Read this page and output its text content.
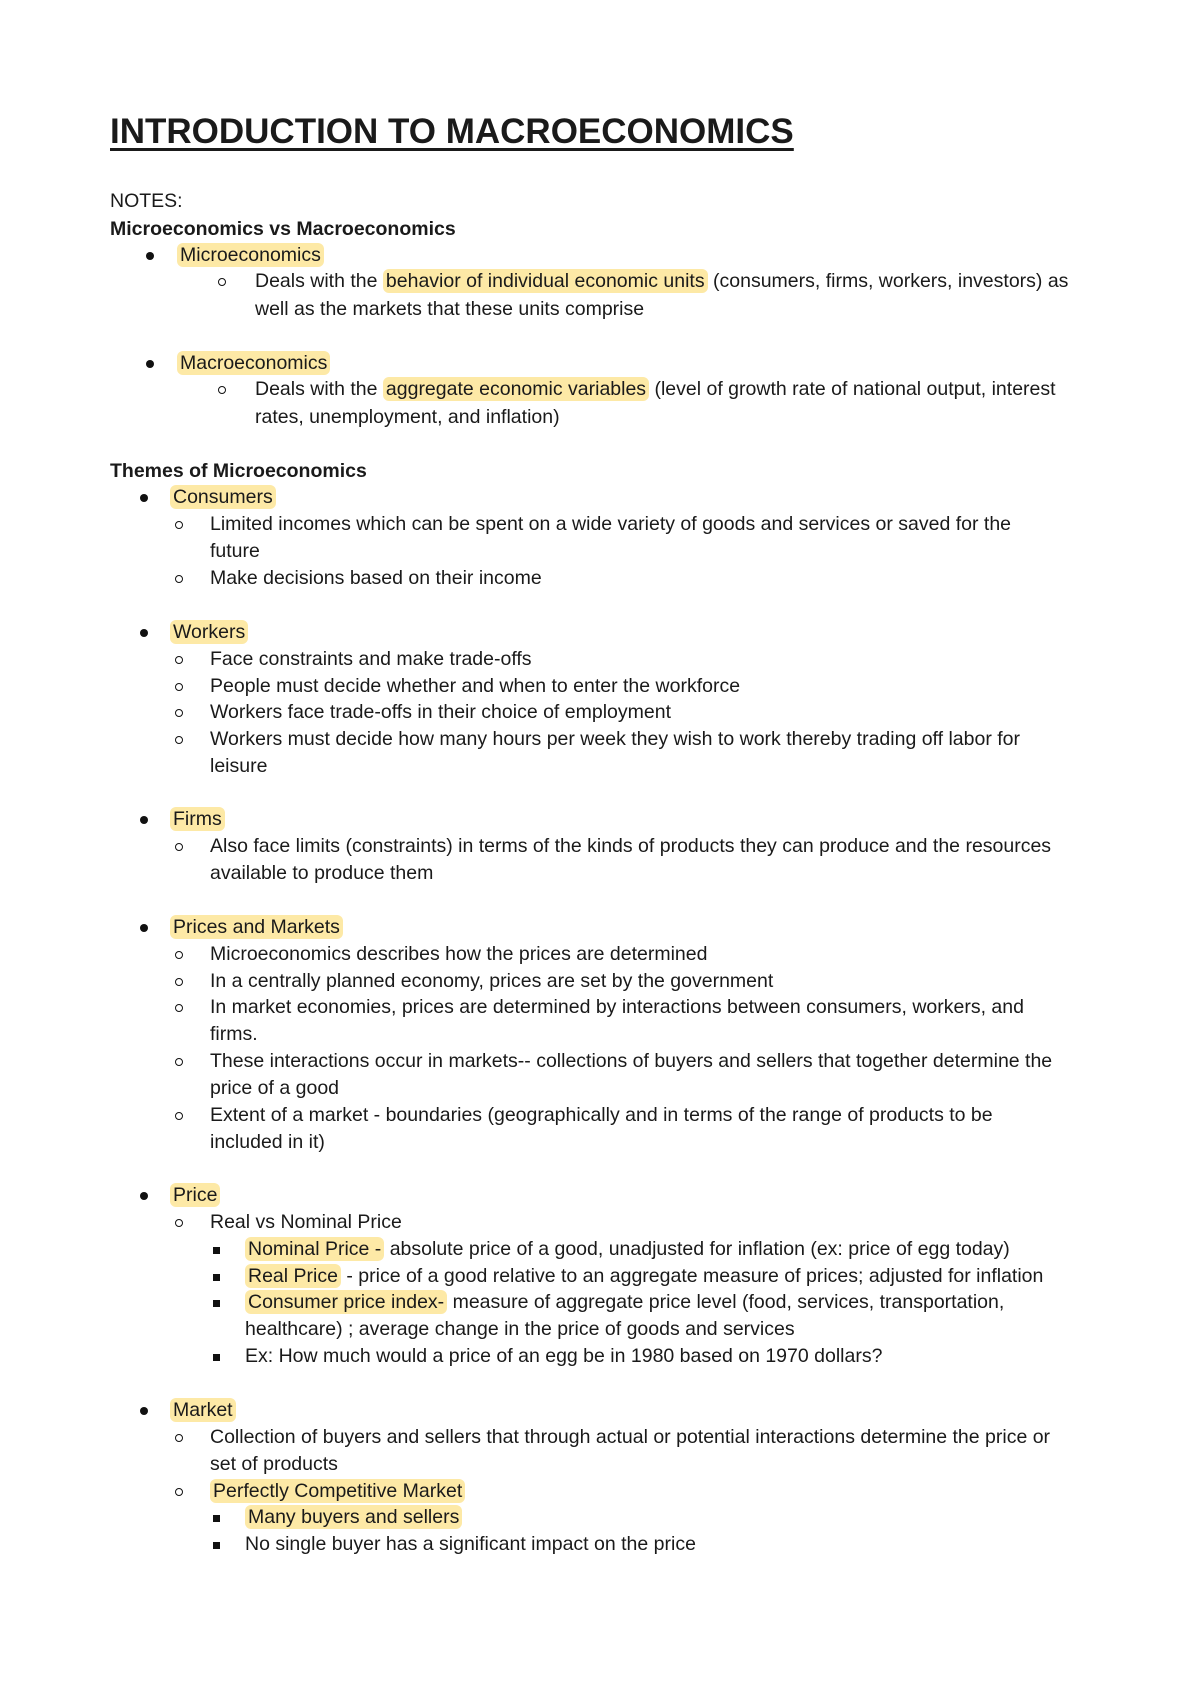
INTRODUCTION TO MACROECONOMICS
NOTES:
Microeconomics vs Macroeconomics
Microeconomics
Deals with the behavior of individual economic units (consumers, firms, workers, investors) as
well as the markets that these units comprise
Macroeconomics
Deals with the aggregate economic variables (level of growth rate of national output, interest
rates, unemployment, and inflation)
Themes of Microeconomics
Consumers
Limited incomes which can be spent on a wide variety of goods and services or saved for the
future
Make decisions based on their income
Workers
Face constraints and make trade-offs
People must decide whether and when to enter the workforce
Workers face trade-offs in their choice of employment
Workers must decide how many hours per week they wish to work thereby trading off labor for
leisure
Firms
Also face limits (constraints) in terms of the kinds of products they can produce and the resources
available to produce them
Prices and Markets
Microeconomics describes how the prices are determined
In a centrally planned economy, prices are set by the government
In market economies, prices are determined by interactions between consumers, workers, and
firms.
These interactions occur in markets-- collections of buyers and sellers that together determine the
price of a good
Extent of a market - boundaries (geographically and in terms of the range of products to be
included in it)
Price
Real vs Nominal Price
Nominal Price - absolute price of a good, unadjusted for inflation (ex: price of egg today)
Real Price - price of a good relative to an aggregate measure of prices; adjusted for inflation
Consumer price index- measure of aggregate price level (food, services, transportation,
healthcare) ; average change in the price of goods and services
Ex: How much would a price of an egg be in 1980 based on 1970 dollars?
Market
Collection of buyers and sellers that through actual or potential interactions determine the price or
set of products
Perfectly Competitive Market
Many buyers and sellers
No single buyer has a significant impact on the price
